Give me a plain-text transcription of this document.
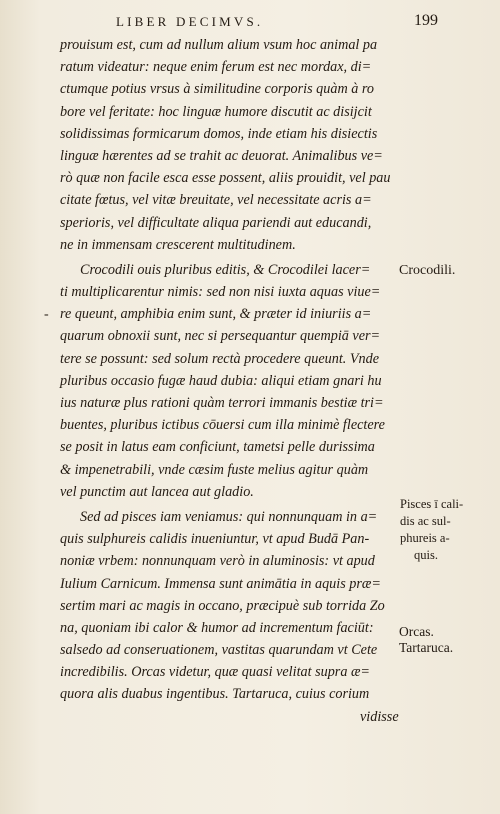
LIBER DECIMVS.	199
prouisum est, cum ad nullum alium vsum hoc animal pa
ratum videatur: neque enim ferum est nec mordax, di=
ctumque potius vrsus à similitudine corporis quàm à ro
bore vel feritate: hoc linguæ humore discutit ac disijcit
solidissimas formicarum domos, inde etiam his disiectis
linguæ hærentes ad se trahit ac deuorat. Animalibus ve=
rò quæ non facile esca esse possent, aliis prouidit, vel pau
citate fœtus, vel vitæ breuitate, vel necessitate acris a=
sperioris, vel difficultate aliqua pariendi aut educandi,
ne in immensam crescerent multitudinem.
Crocodili ouis pluribus editis, & Crocodilei lacer=
ti multiplicarentur nimis: sed non nisi iuxta aquas viue=
re queunt, amphibia enim sunt, & præter id iniuriis a=
quarum obnoxii sunt, nec si persequantur quempiā ver=
tere se possunt: sed solum rectà procedere queunt. Vnde
pluribus occasio fugæ haud dubia: aliqui etiam gnari hu
ius naturæ plus rationi quàm terrori immanis bestiæ tri=
buentes, pluribus ictibus cōuersi cum illa minimè flectere
se posit in latus eam conficiunt, tametsi pelle durissima
& impenetrabili, vnde cæsim fuste melius agitur quàm
vel punctim aut lancea aut gladio.
Sed ad pisces iam veniamus: qui nonnunquam in a=
quis sulphureis calidis inueniuntur, vt apud Budā Pan-
noniæ vrbem: nonnunquam verò in aluminosis: vt apud
Iulium Carnicum. Immensa sunt animātia in aquis præ=
sertim mari ac magis in occano, præcipuè sub torrida Zo
na, quoniam ibi calor & humor ad incrementum faciūt:
salsedo ad conseruationem, vastitas quarundam vt Cete
incredibilis. Orcas videtur, quæ quasi velitat supra æ=
quora alis duabus ingentibus. Tartaruca, cuius corium
vidisse
Crocodili.
Pisces ī cali-
dis ac sul-
phureis a-
quis.
Orcas.
Tartaruca.
-
